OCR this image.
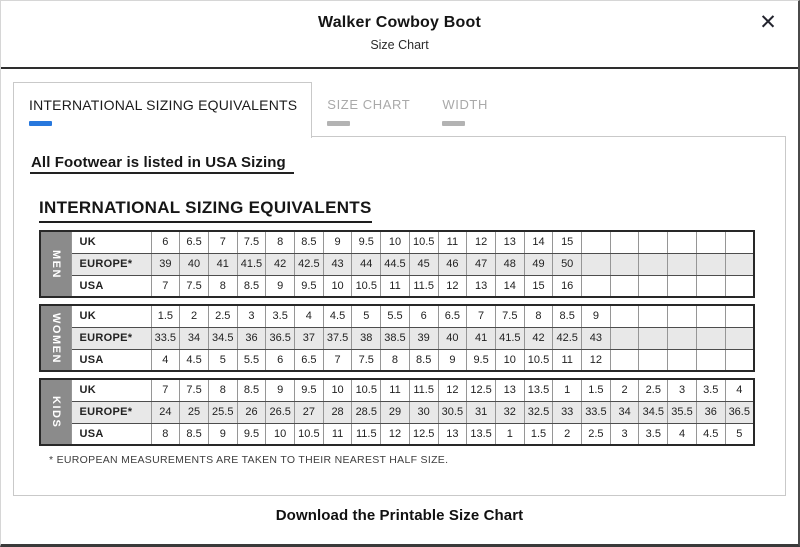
Walker Cowboy Boot
Size Chart
✕
INTERNATIONAL SIZING EQUIVALENTS SIZE CHART WIDTH
All Footwear is listed in USA Sizing
INTERNATIONAL SIZING EQUIVALENTS
MEN	UK	6	6.5	7	7.5	8	8.5	9	9.5	10	10.5	11	12	13	14	15						
	EUROPE*	39	40	41	41.5	42	42.5	43	44	44.5	45	46	47	48	49	50						
	USA	7	7.5	8	8.5	9	9.5	10	10.5	11	11.5	12	13	14	15	16						
WOMEN	UK	1.5	2	2.5	3	3.5	4	4.5	5	5.5	6	6.5	7	7.5	8	8.5	9					
	EUROPE*	33.5	34	34.5	36	36.5	37	37.5	38	38.5	39	40	41	41.5	42	42.5	43					
	USA	4	4.5	5	5.5	6	6.5	7	7.5	8	8.5	9	9.5	10	10.5	11	12					
KIDS	UK	7	7.5	8	8.5	9	9.5	10	10.5	11	11.5	12	12.5	13	13.5	1	1.5	2	2.5	3	3.5	4
	EUROPE*	24	25	25.5	26	26.5	27	28	28.5	29	30	30.5	31	32	32.5	33	33.5	34	34.5	35.5	36	36.5
	USA	8	8.5	9	9.5	10	10.5	11	11.5	12	12.5	13	13.5	1	1.5	2	2.5	3	3.5	4	4.5	5
* EUROPEAN MEASUREMENTS ARE TAKEN TO THEIR NEAREST HALF SIZE.
Download the Printable Size Chart
